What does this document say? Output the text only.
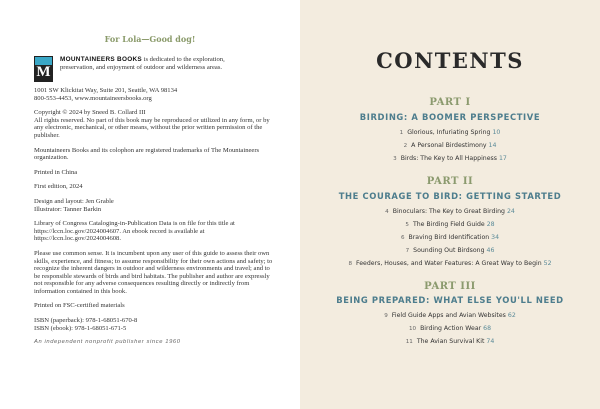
For Lola—Good dog!
M
MOUNTAINEERS BOOKS is dedicated to the exploration, preservation, and enjoyment of outdoor and wilderness areas.

1001 SW Klickitat Way, Suite 201, Seattle, WA 98134
800-553-4453, www.mountaineersbooks.org

Copyright © 2024 by Sneed B. Collard III
All rights reserved. No part of this book may be reproduced or utilized in any form, or by any electronic, mechanical, or other means, without the prior written permission of the publisher.

Mountaineers Books and its colophon are registered trademarks of The Mountaineers organization.

Printed in China

First edition, 2024

Design and layout: Jen Grable
Illustrator: Tanner Barkin

Library of Congress Cataloging-in-Publication Data is on file for this title at https://lccn.loc.gov/2024004607. An ebook record is available at https://lccn.loc.gov/2024004608.

Please use common sense. It is incumbent upon any user of this guide to assess their own skills, experience, and fitness; to assume responsibility for their own actions and safety; to recognize the inherent dangers in outdoor and wilderness environments and travel; and to be responsible stewards of birds and bird habitats. The publisher and author are expressly not responsible for any adverse consequences resulting directly or indirectly from information contained in this book.

Printed on FSC-certified materials

ISBN (paperback): 978-1-68051-670-8
ISBN (ebook): 978-1-68051-671-5

An independent nonprofit publisher since 1960

CONTENTS
PART I
BIRDING: A BOOMER PERSPECTIVE
1 Glorious, Infuriating Spring 10
2 A Personal Birdestimony 14
3 Birds: The Key to All Happiness 17
PART II
THE COURAGE TO BIRD: GETTING STARTED
4 Binoculars: The Key to Great Birding 24
5 The Birding Field Guide 28
6 Braving Bird Identification 34
7 Sounding Out Birdsong 46
8 Feeders, Houses, and Water Features: A Great Way to Begin 52
PART III
BEING PREPARED: WHAT ELSE YOU'LL NEED
9 Field Guide Apps and Avian Websites 62
10 Birding Action Wear 68
11 The Avian Survival Kit 74
